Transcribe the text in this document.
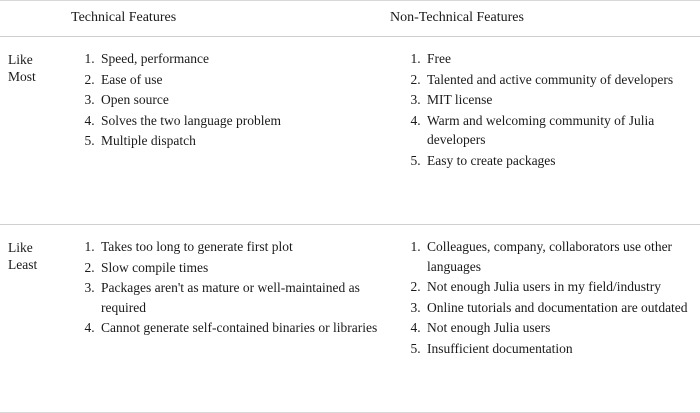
Technical Features	Non-Technical Features
Like
Most
1. Speed, performance
2. Ease of use
3. Open source
4. Solves the two language problem
5. Multiple dispatch
1. Free
2. Talented and active community of developers
3. MIT license
4. Warm and welcoming community of Julia developers
5. Easy to create packages
Like
Least
1. Takes too long to generate first plot
2. Slow compile times
3. Packages aren't as mature or well-maintained as required
4. Cannot generate self-contained binaries or libraries
1. Colleagues, company, collaborators use other languages
2. Not enough Julia users in my field/industry
3. Online tutorials and documentation are outdated
4. Not enough Julia users
5. Insufficient documentation
